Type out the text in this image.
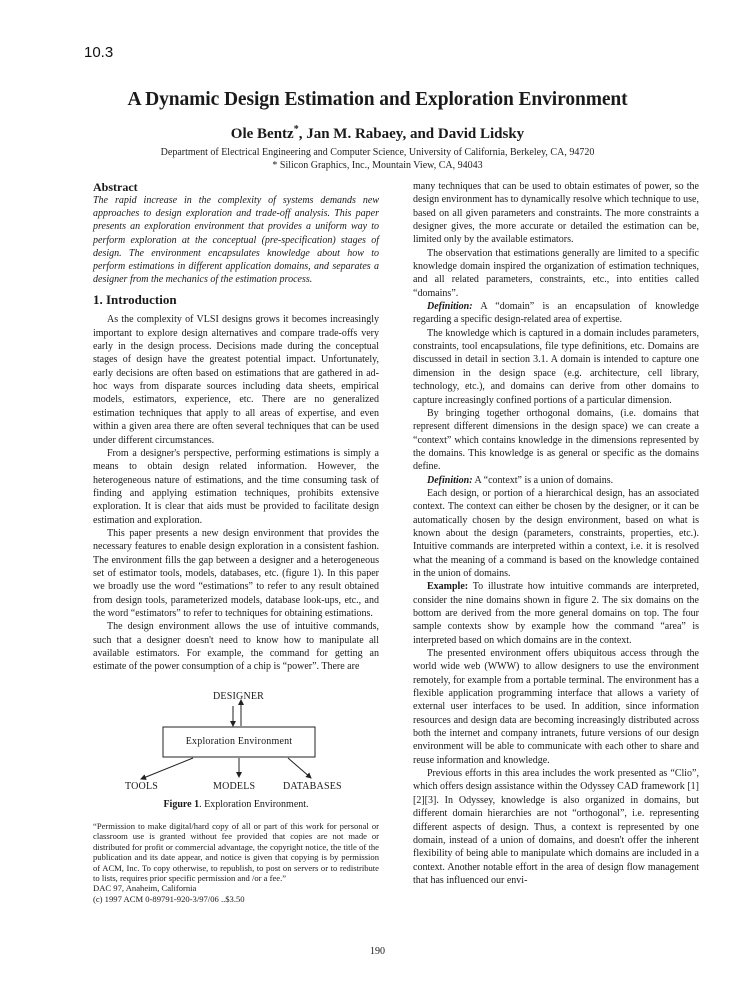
10.3
A Dynamic Design Estimation and Exploration Environment
Ole Bentz*, Jan M. Rabaey, and David Lidsky
Department of Electrical Engineering and Computer Science, University of California, Berkeley, CA, 94720
* Silicon Graphics, Inc., Mountain View, CA, 94043
Abstract

The rapid increase in the complexity of systems demands new approaches to design exploration and trade-off analysis. This paper presents an exploration environment that provides a uniform way to perform exploration at the conceptual (pre-specification) stages of design. The environment encapsulates knowledge about how to perform estimations in different application domains, and separates a designer from the mechanics of the estimation process.

1. Introduction

As the complexity of VLSI designs grows it becomes increasingly important to explore design alternatives and compare trade-offs very early in the design process. Decisions made during the conceptual stages of design have the greatest potential impact. Unfortunately, early decisions are often based on estimations that are gathered in ad-hoc ways from disparate sources including data sheets, empirical models, estimators, experience, etc. There are no generalized estimation techniques that apply to all areas of expertise, and even within a given area there are often several techniques that can be used under different circumstances.

From a designer's perspective, performing estimations is simply a means to obtain design related information. However, the heterogeneous nature of estimations, and the time consuming task of finding and applying estimation techniques, prohibits extensive exploration. It is clear that aids must be provided to facilitate design estimation and exploration.

This paper presents a new design environment that provides the necessary features to enable design exploration in a consistent fashion. The environment fills the gap between a designer and a heterogeneous set of estimator tools, models, databases, etc. (figure 1). In this paper we broadly use the word “estimations” to refer to any result obtained from design tools, parameterized models, database look-ups, etc., and the word “estimators” to refer to techniques for obtaining estimations.

The design environment allows the use of intuitive commands, such that a designer doesn't need to know how to manipulate all available estimators. For example, the command for getting an estimate of the power consumption of a chip is “power”. There are

DESIGNER
Exploration Environment
TOOLS	MODELS	DATABASES
Figure 1. Exploration Environment.

“Permission to make digital/hard copy of all or part of this work for personal or classroom use is granted without fee provided that copies are not made or distributed for profit or commercial advantage, the copyright notice, the title of the publication and its date appear, and notice is given that copying is by permission of ACM, Inc. To copy otherwise, to republish, to post on servers or to redistribute to lists, requires prior specific permission and /or a fee.”

DAC 97, Anaheim, California

(c) 1997 ACM 0-89791-920-3/97/06 ..$3.50

many techniques that can be used to obtain estimates of power, so the design environment has to dynamically resolve which technique to use, based on all given parameters and constraints. The more constraints a designer gives, the more accurate or detailed the estimation can be, limited only by the available estimators.

The observation that estimations generally are limited to a specific knowledge domain inspired the organization of estimation techniques, and all related parameters, constraints, etc., into entities called “domains”.

Definition: A “domain” is an encapsulation of knowledge regarding a specific design-related area of expertise.

The knowledge which is captured in a domain includes parameters, constraints, tool encapsulations, file type definitions, etc. Domains are discussed in detail in section 3.1. A domain is intended to capture one dimension in the design space (e.g. architecture, cell library, technology, etc.), and domains can derive from other domains to capture increasingly confined portions of a particular dimension.

By bringing together orthogonal domains, (i.e. domains that represent different dimensions in the design space) we can create a “context” which contains knowledge in the dimensions represented by the domains. This knowledge is as general or specific as the domains define.

Definition: A “context” is a union of domains.

Each design, or portion of a hierarchical design, has an associated context. The context can either be chosen by the designer, or it can be automatically chosen by the design environment, based on what is known about the design (parameters, constraints, properties, etc.). Intuitive commands are interpreted within a context, i.e. it is resolved what the meaning of a command is based on the knowledge contained in the union of domains.

Example: To illustrate how intuitive commands are interpreted, consider the nine domains shown in figure 2. The six domains on the bottom are derived from the more general domains on top. The four sample contexts show by example how the command “area” is interpreted based on which domains are in the context.

The presented environment offers ubiquitous access through the world wide web (WWW) to allow designers to use the environment remotely, for example from a portable terminal. The environment has a flexible application programming interface that allows a variety of external user interfaces to be used. In addition, since information resources and design data are becoming increasingly distributed across both the internet and company intranets, future versions of our design environment will be able to communicate with each other to share and reuse information and knowledge.

Previous efforts in this area includes the work presented as “Clio”, which offers design assistance within the Odyssey CAD framework [1][2][3]. In Odyssey, knowledge is also organized in domains, but different domain hierarchies are not “orthogonal”, i.e. representing different aspects of design. Thus, a context is represented by one domain, instead of a union of domains, and doesn't offer the inherent flexibility of being able to manipulate which domains are included in a context. Another notable effort in the area of design flow management that has influenced our envi-

190
